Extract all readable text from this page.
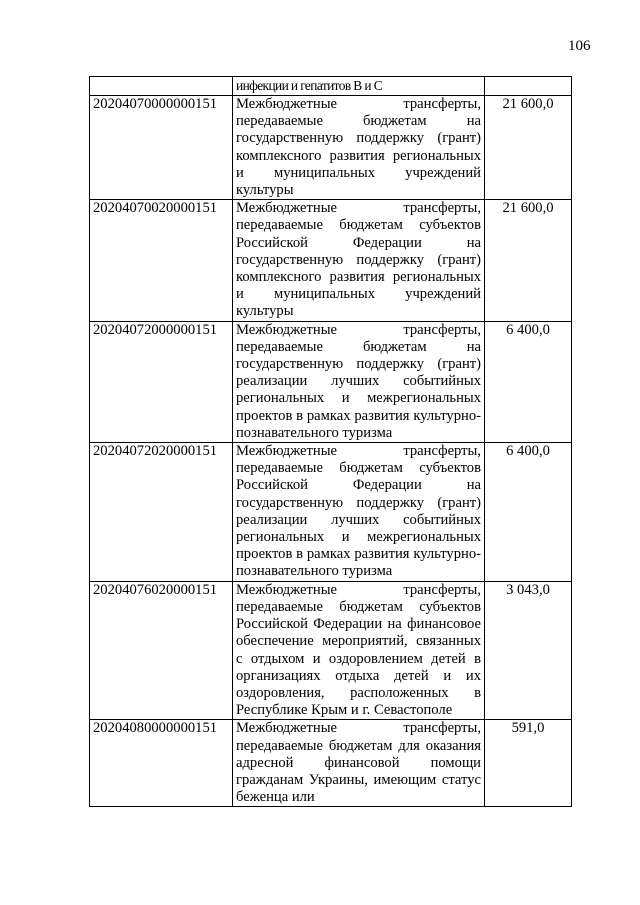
106
	инфекции и гепатитов В и С	
20204070000000151	Межбюджетные трансферты, передаваемые бюджетам на государственную поддержку (грант) комплексного развития региональных и муниципальных учреждений культуры	21 600,0
20204070020000151	Межбюджетные трансферты, передаваемые бюджетам субъектов Российской Федерации на государственную поддержку (грант) комплексного развития региональных и муниципальных учреждений культуры	21 600,0
20204072000000151	Межбюджетные трансферты, передаваемые бюджетам на государственную поддержку (грант) реализации лучших событийных региональных и межрегиональных проектов в рамках развития культурно-познавательного туризма	6 400,0
20204072020000151	Межбюджетные трансферты, передаваемые бюджетам субъектов Российской Федерации на государственную поддержку (грант) реализации лучших событийных региональных и межрегиональных проектов в рамках развития культурно-познавательного туризма	6 400,0
20204076020000151	Межбюджетные трансферты, передаваемые бюджетам субъектов Российской Федерации на финансовое обеспечение мероприятий, связанных с отдыхом и оздоровлением детей в организациях отдыха детей и их оздоровления, расположенных в Республике Крым и г. Севастополе	3 043,0
20204080000000151	Межбюджетные трансферты, передаваемые бюджетам для оказания адресной финансовой помощи гражданам Украины, имеющим статус беженца или	591,0
